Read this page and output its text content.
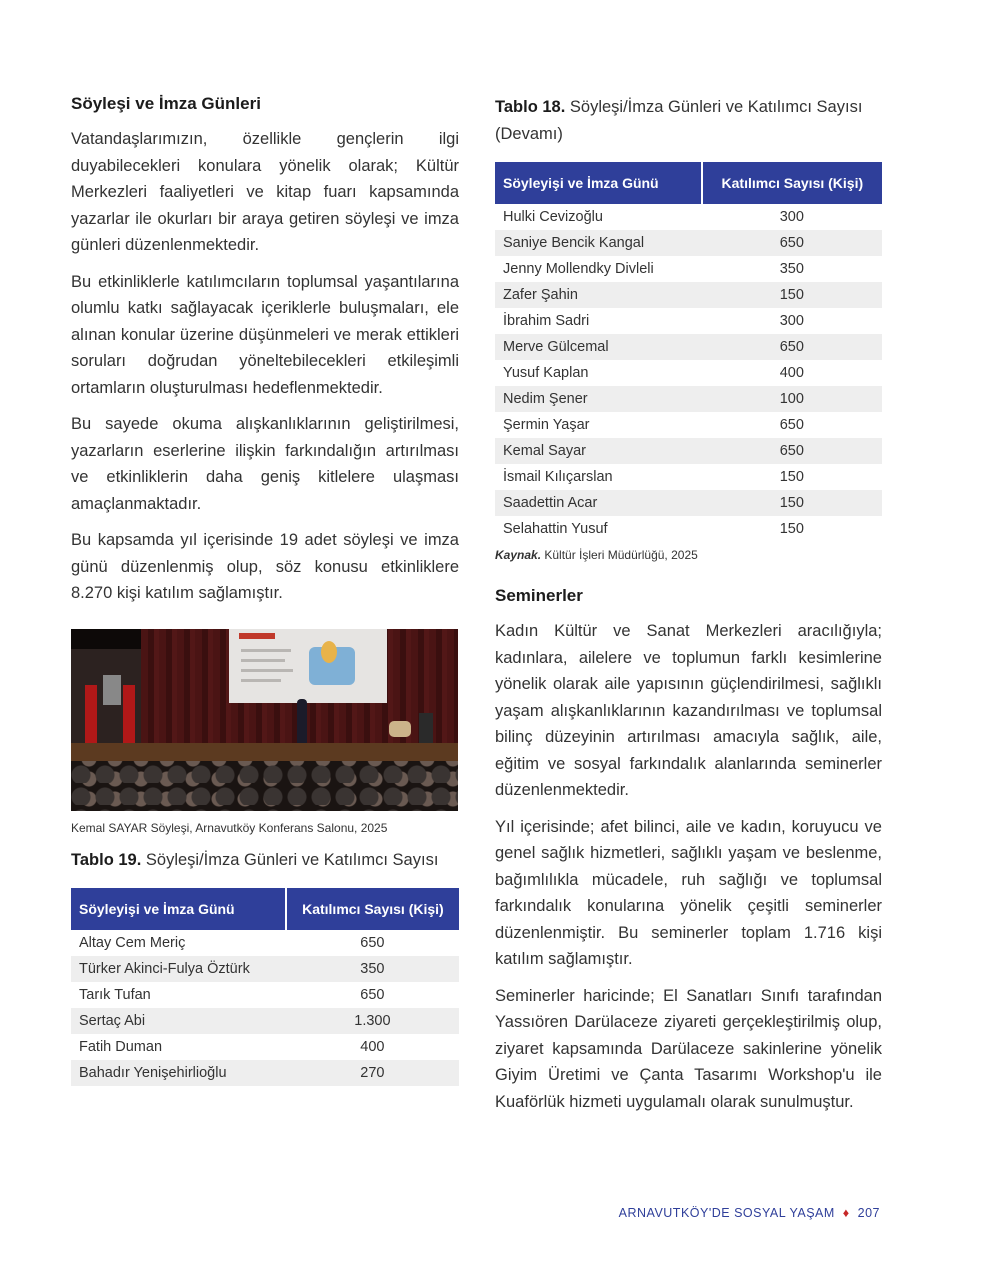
Söyleşi ve İmza Günleri

Vatandaşlarımızın, özellikle gençlerin ilgi duyabilecekleri konulara yönelik olarak; Kültür Merkezleri faaliyetleri ve kitap fuarı kapsamında yazarlar ile okurları bir araya getiren söyleşi ve imza günleri düzenlenmektedir.

Bu etkinliklerle katılımcıların toplumsal yaşantılarına olumlu katkı sağlayacak içeriklerle buluşmaları, ele alınan konular üzerine düşünmeleri ve merak ettikleri soruları doğrudan yöneltebilecekleri etkileşimli ortamların oluşturulması hedeflenmektedir.

Bu sayede okuma alışkanlıklarının geliştirilmesi, yazarların eserlerine ilişkin farkındalığın artırılması ve etkinliklerin daha geniş kitlelere ulaşması amaçlanmaktadır.

Bu kapsamda yıl içerisinde 19 adet söyleşi ve imza günü düzenlenmiş olup, söz konusu etkinliklere 8.270 kişi katılım sağlamıştır.

Kemal SAYAR Söyleşi, Arnavutköy Konferans Salonu, 2025
Tablo 19. Söyleşi/İmza Günleri ve Katılımcı Sayısı
Söyleyişi ve İmza Günü	Katılımcı Sayısı (Kişi)
Altay Cem Meriç	650
Türker Akinci-Fulya Öztürk	350
Tarık Tufan	650
Sertaç Abi	1.300
Fatih Duman	400
Bahadır Yenişehirlioğlu	270
Tablo 18. Söyleşi/İmza Günleri ve Katılımcı Sayısı (Devamı)
Söyleyişi ve İmza Günü	Katılımcı Sayısı (Kişi)
Hulki Cevizoğlu	300
Saniye Bencik Kangal	650
Jenny Mollendky Divleli	350
Zafer Şahin	150
İbrahim Sadri	300
Merve Gülcemal	650
Yusuf Kaplan	400
Nedim Şener	100
Şermin Yaşar	650
Kemal Sayar	650
İsmail Kılıçarslan	150
Saadettin Acar	150
Selahattin Yusuf	150
Kaynak. Kültür İşleri Müdürlüğü, 2025
Seminerler

Kadın Kültür ve Sanat Merkezleri aracılığıyla; kadınlara, ailelere ve toplumun farklı kesimlerine yönelik olarak aile yapısının güçlendirilmesi, sağlıklı yaşam alışkanlıklarının kazandırılması ve toplumsal bilinç düzeyinin artırılması amacıyla sağlık, aile, eğitim ve sosyal farkındalık alanlarında seminerler düzenlenmektedir.

Yıl içerisinde; afet bilinci, aile ve kadın, koruyucu ve genel sağlık hizmetleri, sağlıklı yaşam ve beslenme, bağımlılıkla mücadele, ruh sağlığı ve toplumsal farkındalık konularına yönelik çeşitli seminerler düzenlenmiştir. Bu seminerler toplam 1.716 kişi katılım sağlamıştır.

Seminerler haricinde; El Sanatları Sınıfı tarafından Yassıören Darülaceze ziyareti gerçekleştirilmiş olup, ziyaret kapsamında Darülaceze sakinlerine yönelik Giyim Üretimi ve Çanta Tasarımı Workshop'u ile Kuaförlük hizmeti uygulamalı olarak sunulmuştur.

ARNAVUTKÖY'DE SOSYAL YAŞAM ♦ 207
